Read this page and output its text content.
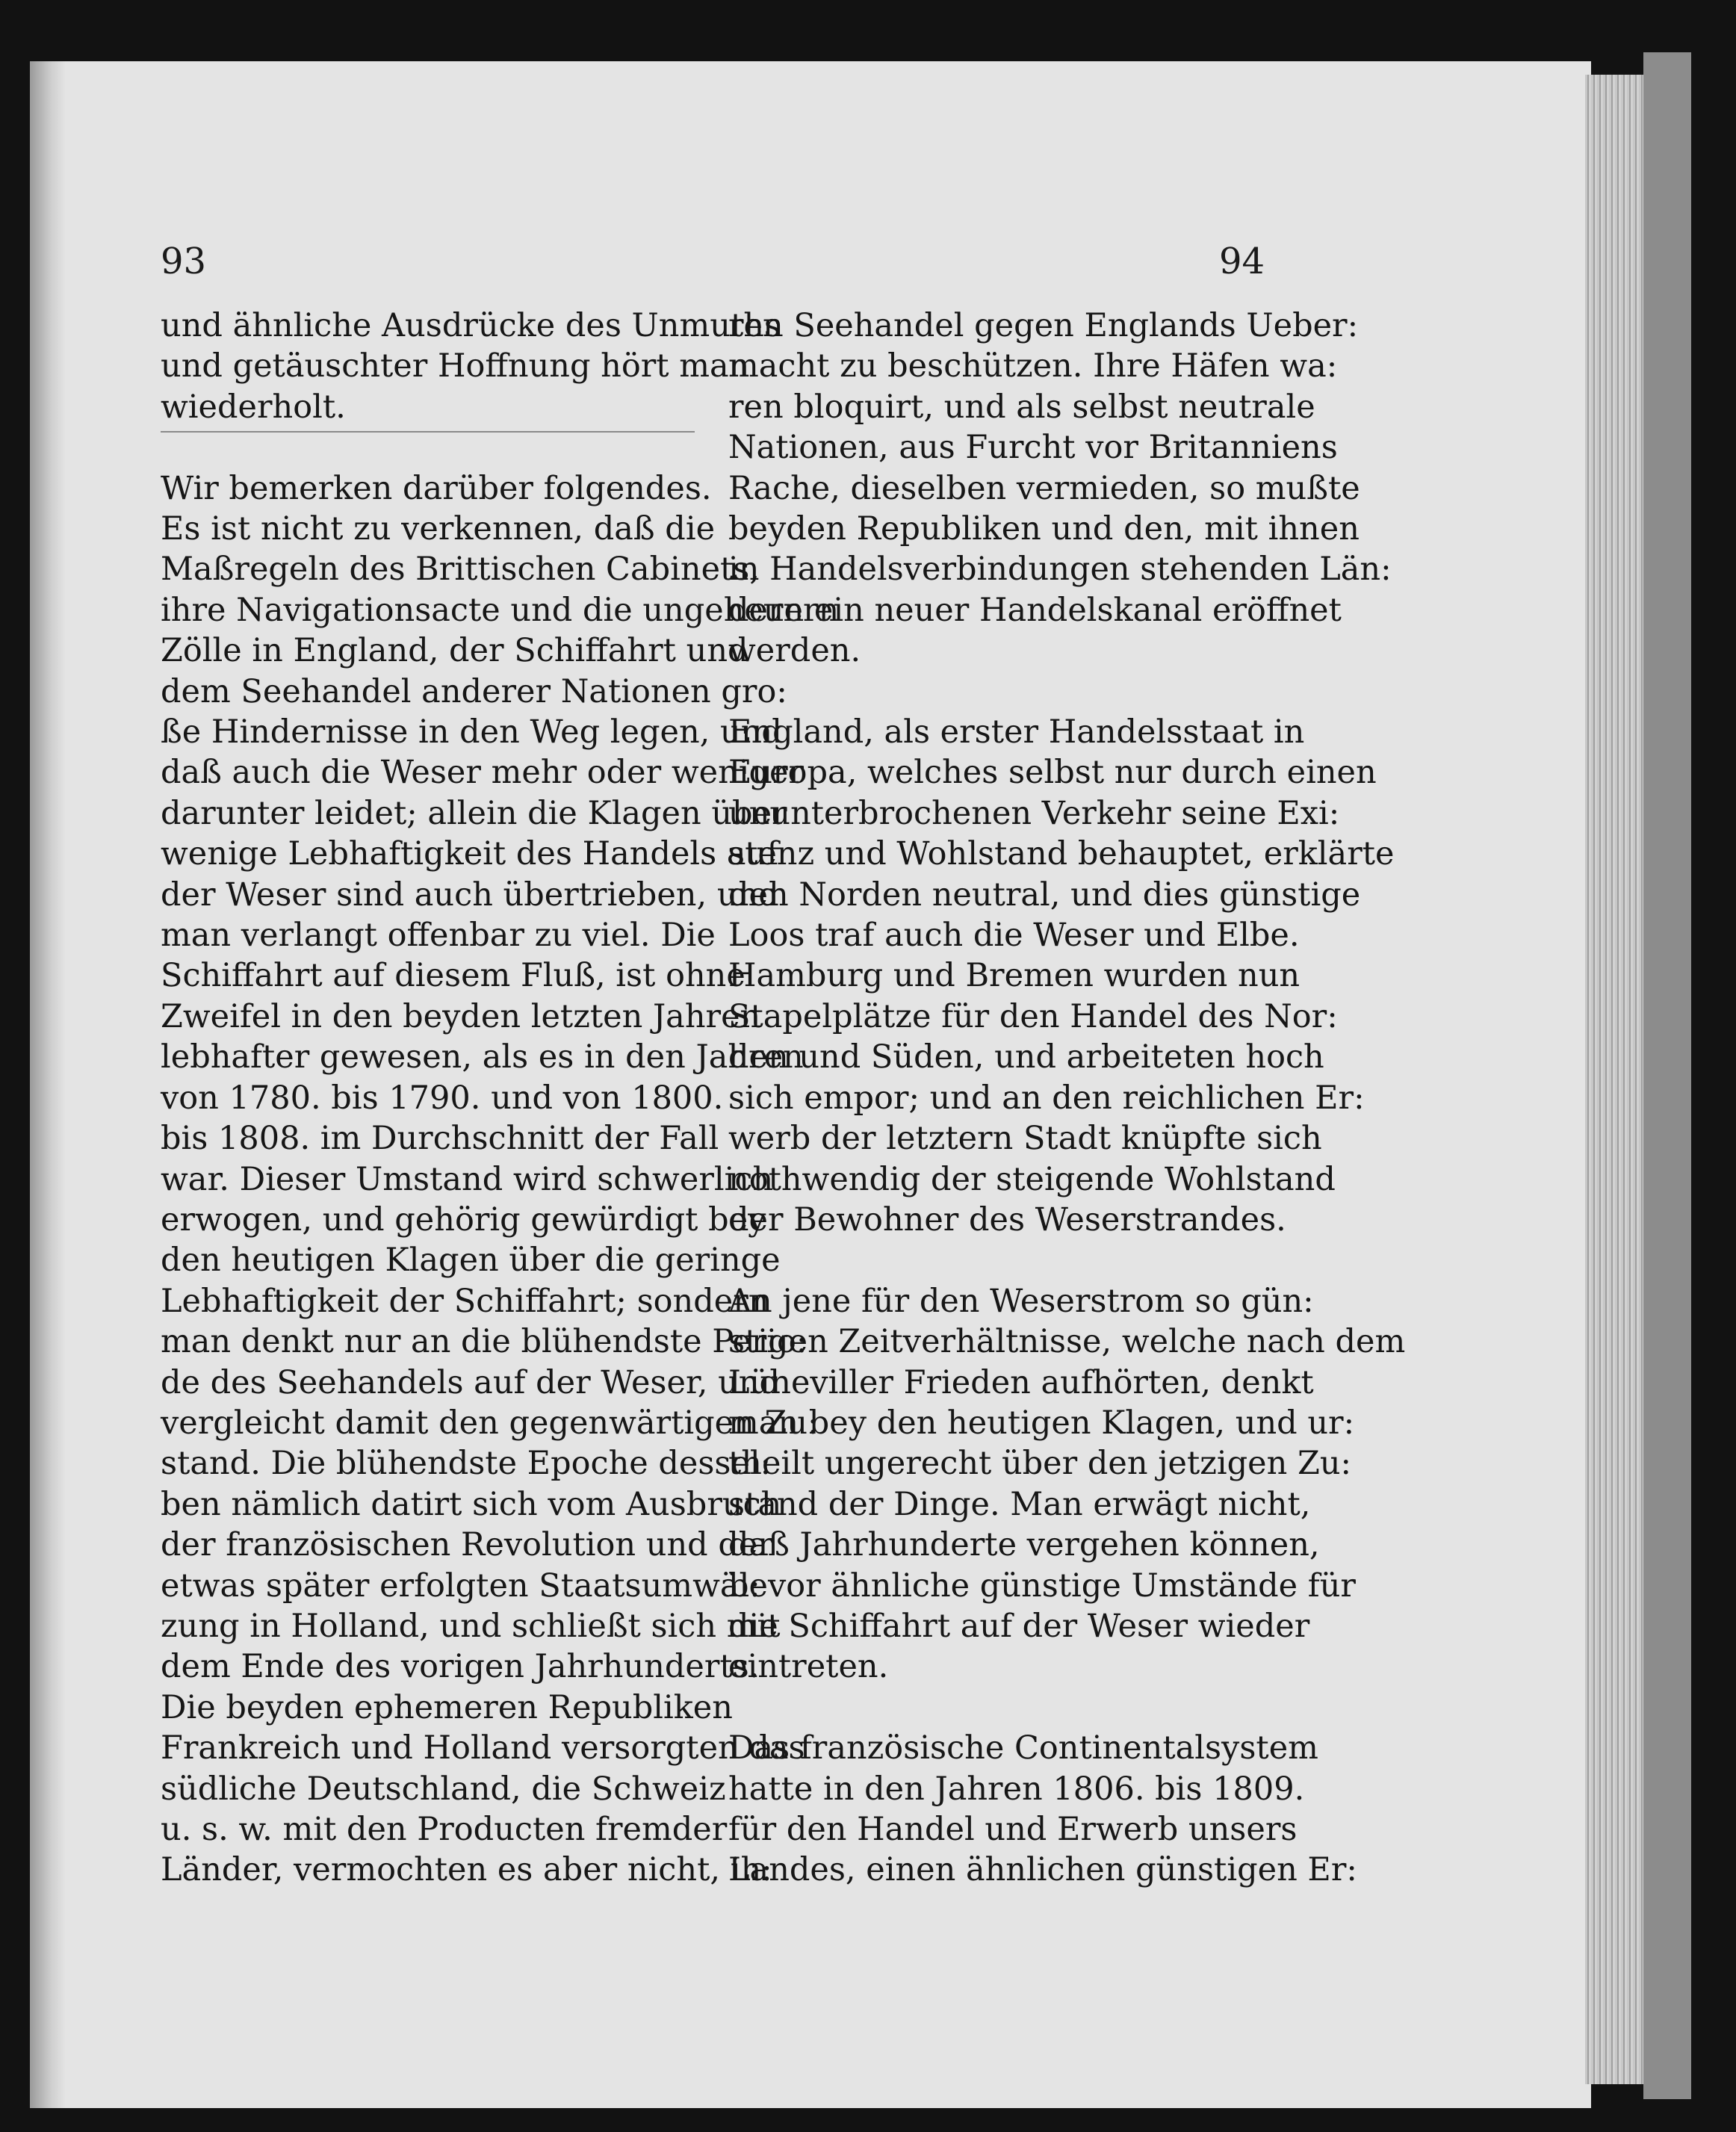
93	94
und ähnliche Ausdrücke des Unmuths
und getäuschter Hoffnung hört man
wiederholt.
Wir bemerken darüber folgendes.
Es ist nicht zu verkennen, daß die
Maßregeln des Brittischen Cabinets,
ihre Navigationsacte und die ungeheuern
Zölle in England, der Schiffahrt und
dem Seehandel anderer Nationen gro:
ße Hindernisse in den Weg legen, und
daß auch die Weser mehr oder weniger
darunter leidet; allein die Klagen über
wenige Lebhaftigkeit des Handels auf
der Weser sind auch übertrieben, und
man verlangt offenbar zu viel. Die
Schiffahrt auf diesem Fluß, ist ohne
Zweifel in den beyden letzten Jahren
lebhafter gewesen, als es in den Jahren
von 1780. bis 1790. und von 1800.
bis 1808. im Durchschnitt der Fall
war. Dieser Umstand wird schwerlich
erwogen, und gehörig gewürdigt bey
den heutigen Klagen über die geringe
Lebhaftigkeit der Schiffahrt; sondern
man denkt nur an die blühendste Perio:
de des Seehandels auf der Weser, und
vergleicht damit den gegenwärtigen Zu:
stand. Die blühendste Epoche dessel:
ben nämlich datirt sich vom Ausbruch
der französischen Revolution und der
etwas später erfolgten Staatsumwäl:
zung in Holland, und schließt sich mit
dem Ende des vorigen Jahrhunderts.
Die beyden ephemeren Republiken
Frankreich und Holland versorgten das
südliche Deutschland, die Schweiz
u. s. w. mit den Producten fremder
Länder, vermochten es aber nicht, ih:
ren Seehandel gegen Englands Ueber:
macht zu beschützen. Ihre Häfen wa:
ren bloquirt, und als selbst neutrale
Nationen, aus Furcht vor Britanniens
Rache, dieselben vermieden, so mußte
beyden Republiken und den, mit ihnen
in Handelsverbindungen stehenden Län:
dern ein neuer Handelskanal eröffnet
werden.
England, als erster Handelsstaat in
Europa, welches selbst nur durch einen
ununterbrochenen Verkehr seine Exi:
stenz und Wohlstand behauptet, erklärte
den Norden neutral, und dies günstige
Loos traf auch die Weser und Elbe.
Hamburg und Bremen wurden nun
Stapelplätze für den Handel des Nor:
den und Süden, und arbeiteten hoch
sich empor; und an den reichlichen Er:
werb der letztern Stadt knüpfte sich
nothwendig der steigende Wohlstand
der Bewohner des Weserstrandes.
An jene für den Weserstrom so gün:
stigen Zeitverhältnisse, welche nach dem
Lüneviller Frieden aufhörten, denkt
man bey den heutigen Klagen, und ur:
theilt ungerecht über den jetzigen Zu:
stand der Dinge. Man erwägt nicht,
daß Jahrhunderte vergehen können,
bevor ähnliche günstige Umstände für
die Schiffahrt auf der Weser wieder
eintreten.
Das französische Continentalsystem
hatte in den Jahren 1806. bis 1809.
für den Handel und Erwerb unsers
Landes, einen ähnlichen günstigen Er:
